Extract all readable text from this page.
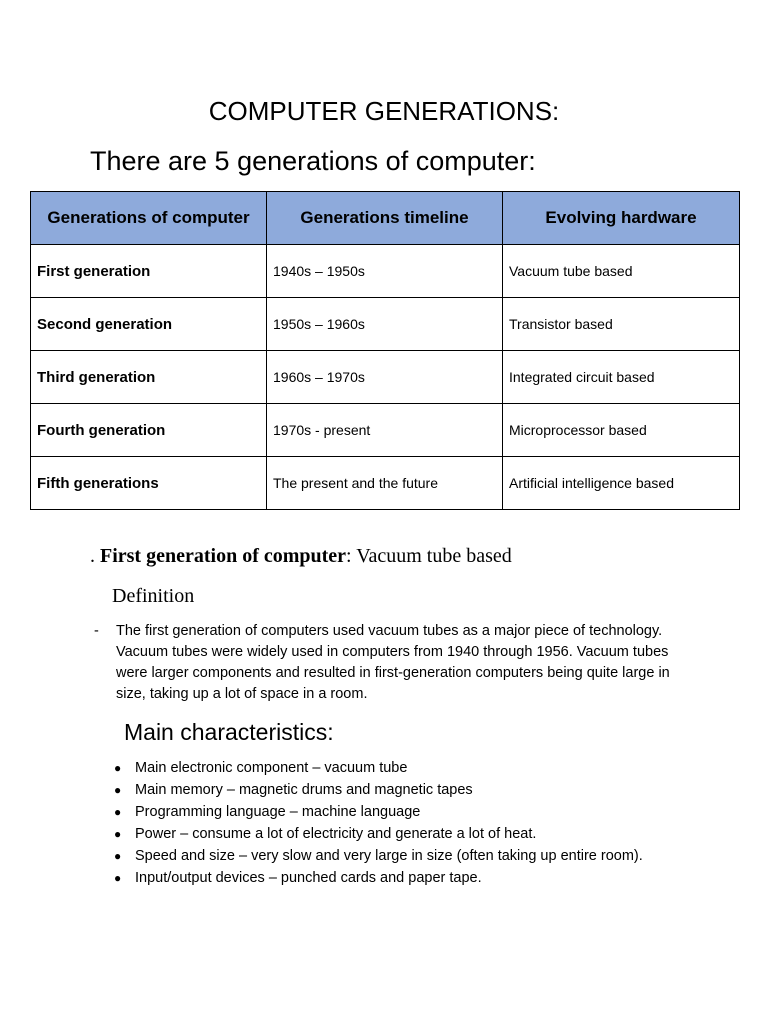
COMPUTER GENERATIONS:
There are 5 generations of computer:
Generations of computer	Generations timeline	Evolving hardware
First generation	1940s – 1950s	Vacuum tube based
Second generation	1950s – 1960s	Transistor based
Third generation	1960s – 1970s	Integrated circuit based
Fourth generation	1970s - present	Microprocessor based
Fifth generations	The present and the future	Artificial intelligence based
. First generation of computer: Vacuum tube based
Definition

-	The first generation of computers used vacuum tubes as a major piece of technology. Vacuum tubes were widely used in computers from 1940 through 1956. Vacuum tubes were larger components and resulted in first-generation computers being quite large in size, taking up a lot of space in a room.

Main characteristics:
● Main electronic component – vacuum tube
● Main memory – magnetic drums and magnetic tapes
● Programming language – machine language
● Power – consume a lot of electricity and generate a lot of heat.
● Speed and size – very slow and very large in size (often taking up entire room).
● Input/output devices – punched cards and paper tape.
